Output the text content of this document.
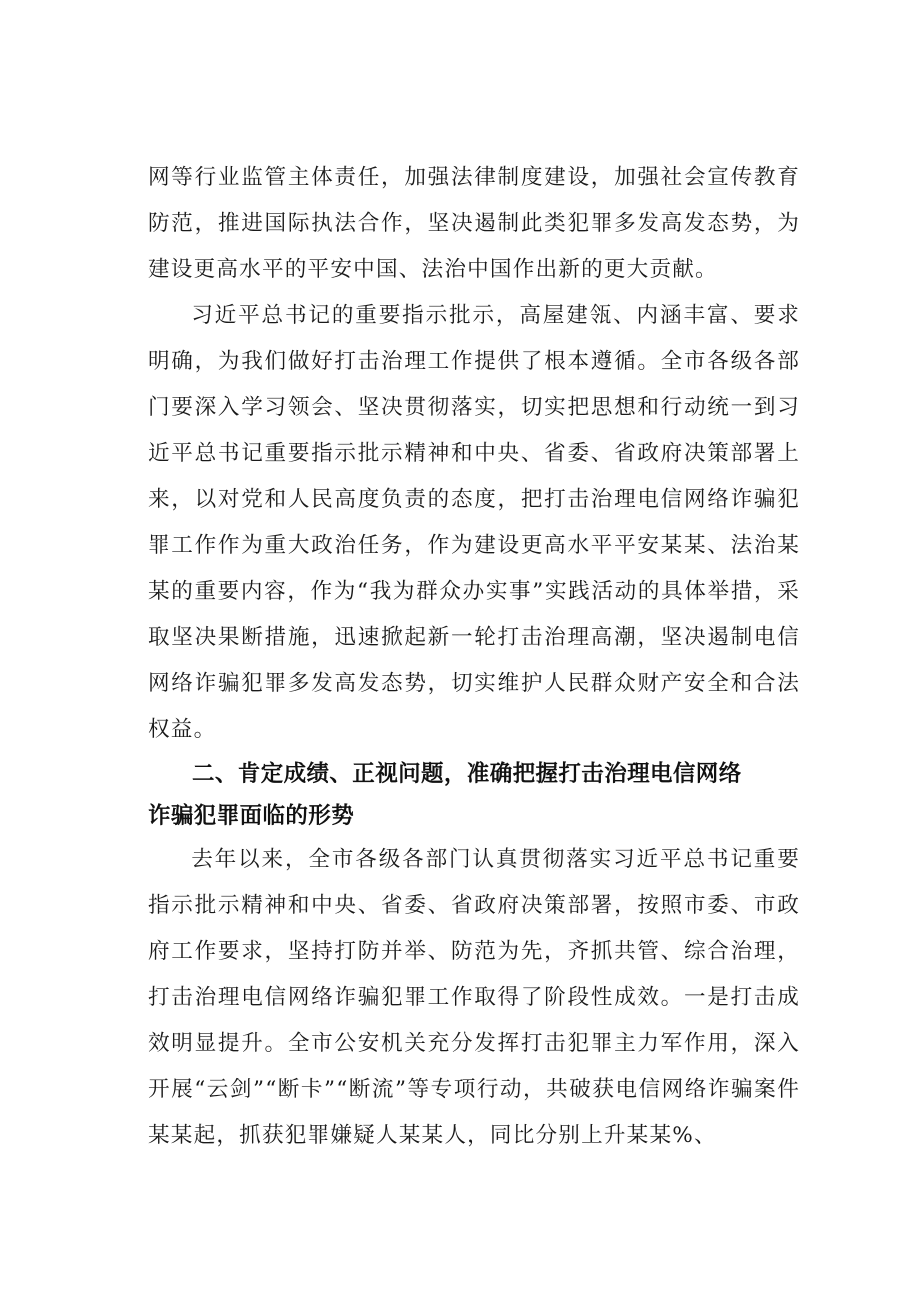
网等行业监管主体责任，加强法律制度建设，加强社会宣传教育防范，推进国际执法合作，坚决遏制此类犯罪多发高发态势，为建设更高水平的平安中国、法治中国作出新的更大贡献。

习近平总书记的重要指示批示，高屋建瓴、内涵丰富、要求明确，为我们做好打击治理工作提供了根本遵循。全市各级各部门要深入学习领会、坚决贯彻落实，切实把思想和行动统一到习近平总书记重要指示批示精神和中央、省委、省政府决策部署上来，以对党和人民高度负责的态度，把打击治理电信网络诈骗犯罪工作作为重大政治任务，作为建设更高水平平安某某、法治某某的重要内容，作为“我为群众办实事”实践活动的具体举措，采取坚决果断措施，迅速掀起新一轮打击治理高潮，坚决遏制电信网络诈骗犯罪多发高发态势，切实维护人民群众财产安全和合法权益。

二、肯定成绩、正视问题，准确把握打击治理电信网络
诈骗犯罪面临的形势

去年以来，全市各级各部门认真贯彻落实习近平总书记重要指示批示精神和中央、省委、省政府决策部署，按照市委、市政府工作要求，坚持打防并举、防范为先，齐抓共管、综合治理，打击治理电信网络诈骗犯罪工作取得了阶段性成效。一是打击成效明显提升。全市公安机关充分发挥打击犯罪主力军作用，深入开展“云剑”“断卡”“断流”等专项行动，共破获电信网络诈骗案件某某起，抓获犯罪嫌疑人某某人，同比分别上升某某%、
